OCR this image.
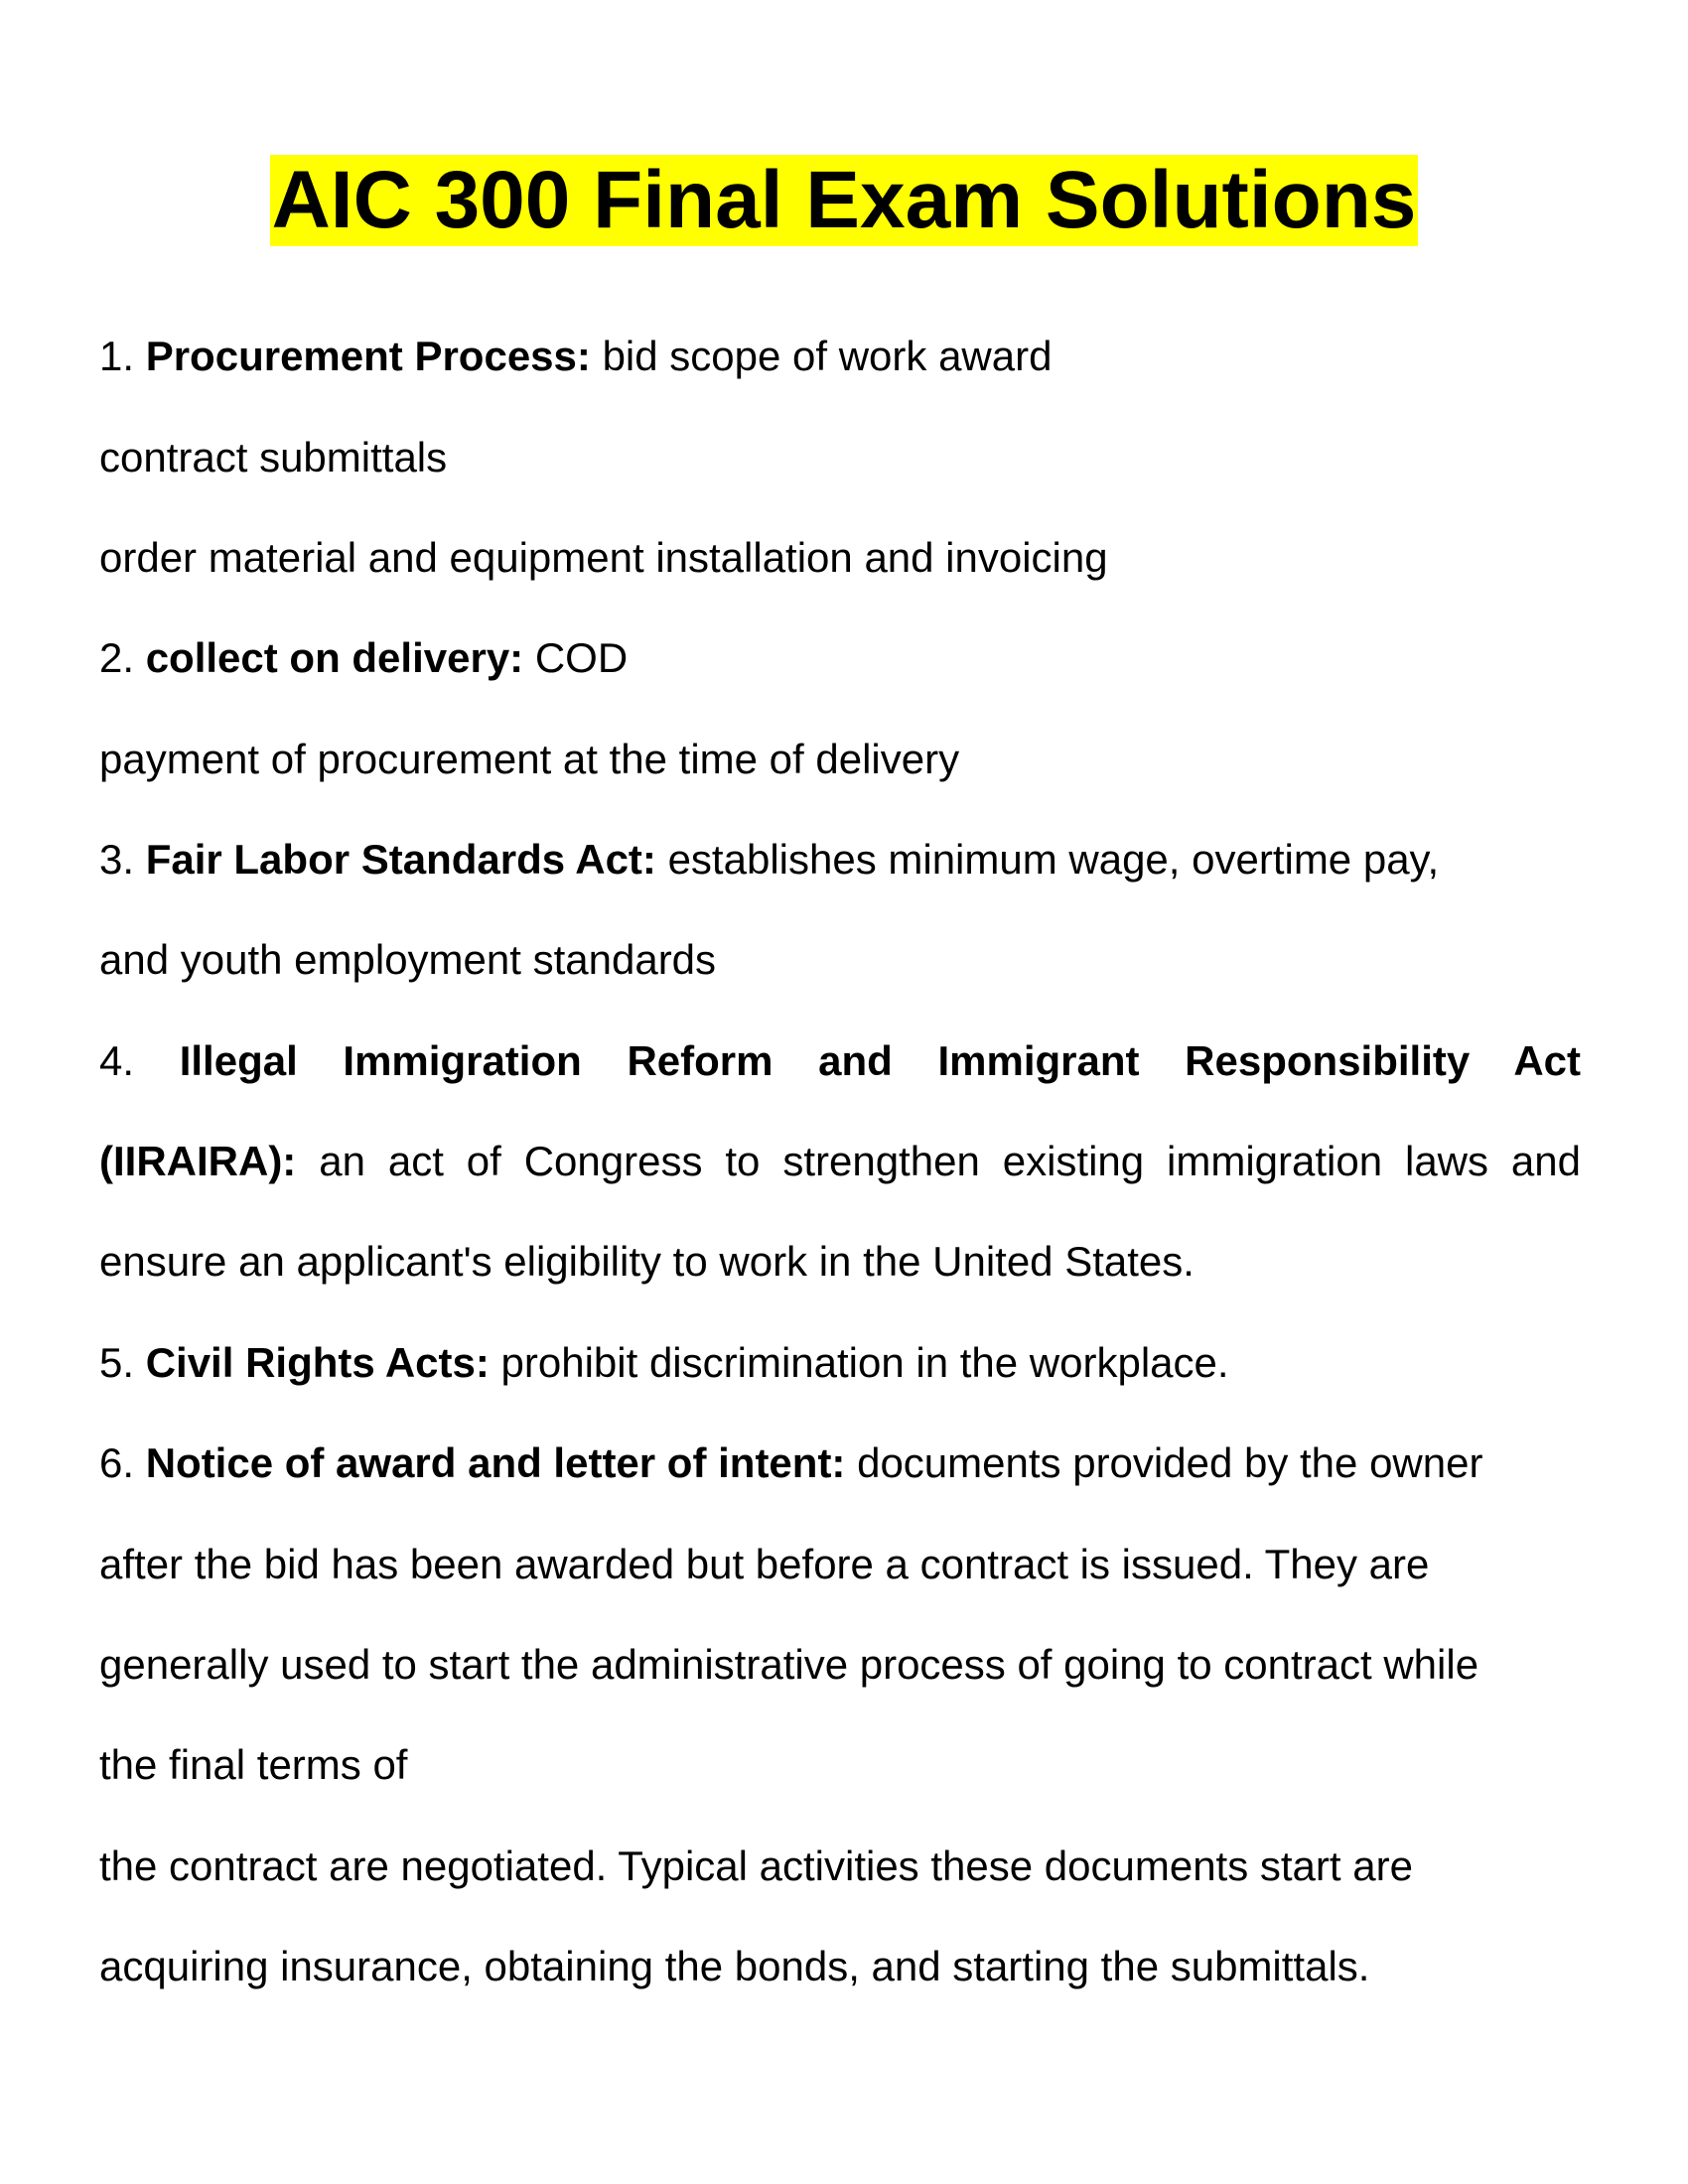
AIC 300 Final Exam Solutions
1. Procurement Process: bid scope of work award
contract submittals
order material and equipment installation and invoicing
2. collect on delivery: COD
payment of procurement at the time of delivery
3. Fair Labor Standards Act: establishes minimum wage, overtime pay,
and youth employment standards
4. Illegal Immigration Reform and Immigrant Responsibility Act
(IIRAIRA): an act of Congress to strengthen existing immigration laws and
ensure an applicant's eligibility to work in the United States.
5. Civil Rights Acts: prohibit discrimination in the workplace.
6. Notice of award and letter of intent: documents provided by the owner
after the bid has been awarded but before a contract is issued. They are
generally used to start the administrative process of going to contract while
the final terms of
the contract are negotiated. Typical activities these documents start are
acquiring insurance, obtaining the bonds, and starting the submittals.
